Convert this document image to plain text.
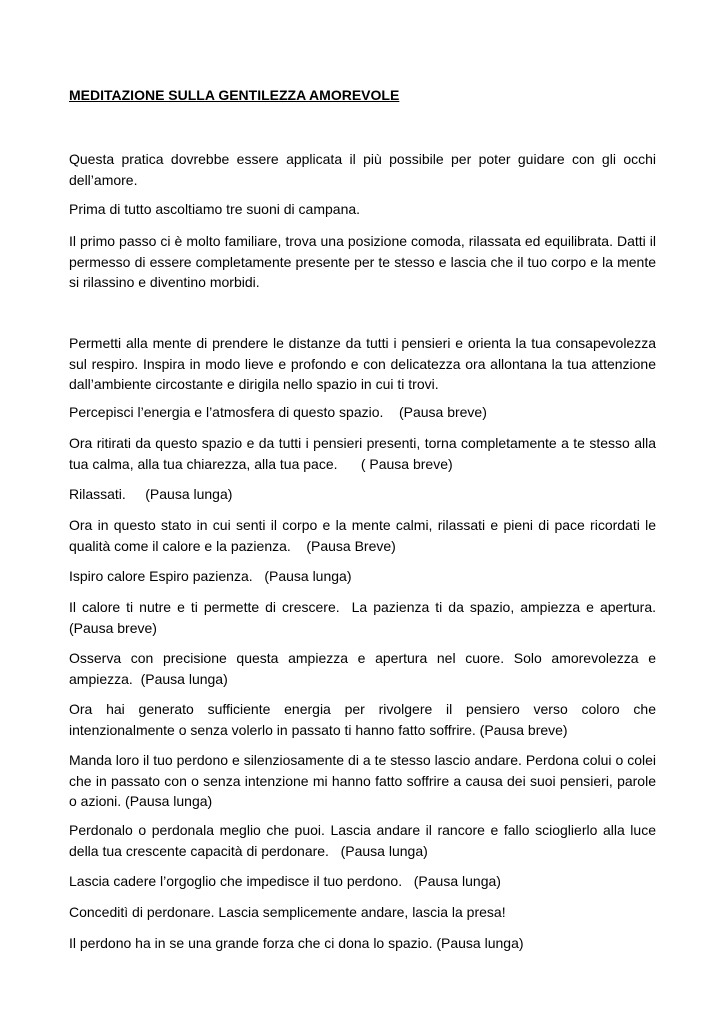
MEDITAZIONE SULLA GENTILEZZA AMOREVOLE

Questa pratica dovrebbe essere applicata il più possibile per poter guidare con gli occhi dell’amore.

Prima di tutto ascoltiamo tre suoni di campana.

Il primo passo ci è molto familiare, trova una posizione comoda, rilassata ed equilibrata. Datti il permesso di essere completamente presente per te stesso e lascia che il tuo corpo e la mente si rilassino e diventino morbidi.

Permetti alla mente di prendere le distanze da tutti i pensieri e orienta la tua consapevolezza sul respiro. Inspira in modo lieve e profondo e con delicatezza ora allontana la tua attenzione dall’ambiente circostante e dirigila nello spazio in cui ti trovi.

Percepisci l’energia e l’atmosfera di questo spazio.    (Pausa breve)

Ora ritirati da questo spazio e da tutti i pensieri presenti, torna completamente a te stesso alla tua calma, alla tua chiarezza, alla tua pace.      ( Pausa breve)

Rilassati.     (Pausa lunga)

Ora in questo stato in cui senti il corpo e la mente calmi, rilassati e pieni di pace ricordati le qualità come il calore e la pazienza.    (Pausa Breve)

Ispiro calore Espiro pazienza.   (Pausa lunga)

Il calore ti nutre e ti permette di crescere.  La pazienza ti da spazio, ampiezza e apertura.(Pausa breve)

Osserva con precisione questa ampiezza e apertura nel cuore. Solo amorevolezza e ampiezza.  (Pausa lunga)

Ora hai generato sufficiente energia per rivolgere il pensiero verso coloro che intenzionalmente o senza volerlo in passato ti hanno fatto soffrire. (Pausa breve)

Manda loro il tuo perdono e silenziosamente di a te stesso lascio andare. Perdona colui o colei che in passato con o senza intenzione mi hanno fatto soffrire a causa dei suoi pensieri, parole o azioni. (Pausa lunga)

Perdonalo o perdonala meglio che puoi. Lascia andare il rancore e fallo scioglierlo alla luce della tua crescente capacità di perdonare.   (Pausa lunga)

Lascia cadere l’orgoglio che impedisce il tuo perdono.   (Pausa lunga)

Conceditì di perdonare. Lascia semplicemente andare, lascia la presa!

Il perdono ha in se una grande forza che ci dona lo spazio. (Pausa lunga)
